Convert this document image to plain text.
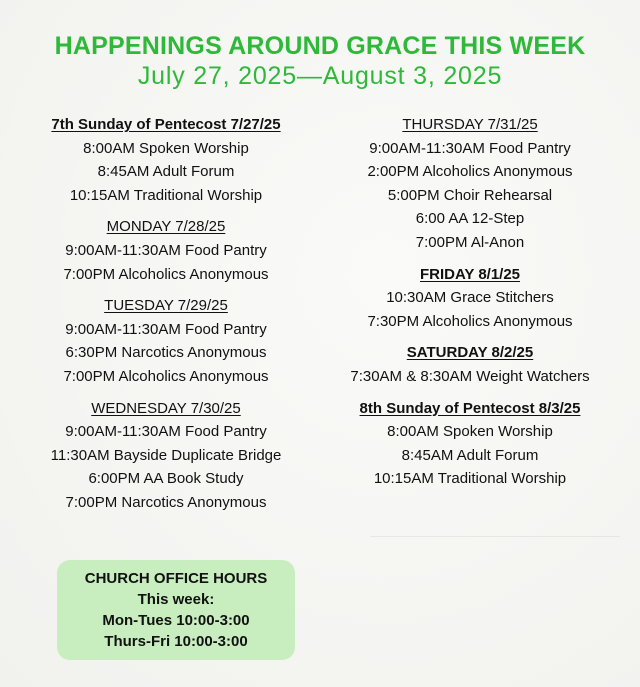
HAPPENINGS AROUND GRACE THIS WEEK
July 27, 2025—August 3, 2025
7th Sunday of Pentecost 7/27/25
8:00AM Spoken Worship
8:45AM Adult Forum
10:15AM Traditional Worship
MONDAY 7/28/25
9:00AM-11:30AM Food Pantry
7:00PM Alcoholics Anonymous
TUESDAY 7/29/25
9:00AM-11:30AM Food Pantry
6:30PM Narcotics Anonymous
7:00PM Alcoholics Anonymous
WEDNESDAY 7/30/25
9:00AM-11:30AM Food Pantry
11:30AM Bayside Duplicate Bridge
6:00PM AA Book Study
7:00PM Narcotics Anonymous
THURSDAY 7/31/25
9:00AM-11:30AM Food Pantry
2:00PM Alcoholics Anonymous
5:00PM Choir Rehearsal
6:00 AA 12-Step
7:00PM Al-Anon
FRIDAY 8/1/25
10:30AM Grace Stitchers
7:30PM Alcoholics Anonymous
SATURDAY 8/2/25
7:30AM & 8:30AM Weight Watchers
8th Sunday of Pentecost 8/3/25
8:00AM Spoken Worship
8:45AM Adult Forum
10:15AM Traditional Worship
CHURCH OFFICE HOURS
This week:
Mon-Tues 10:00-3:00
Thurs-Fri 10:00-3:00
